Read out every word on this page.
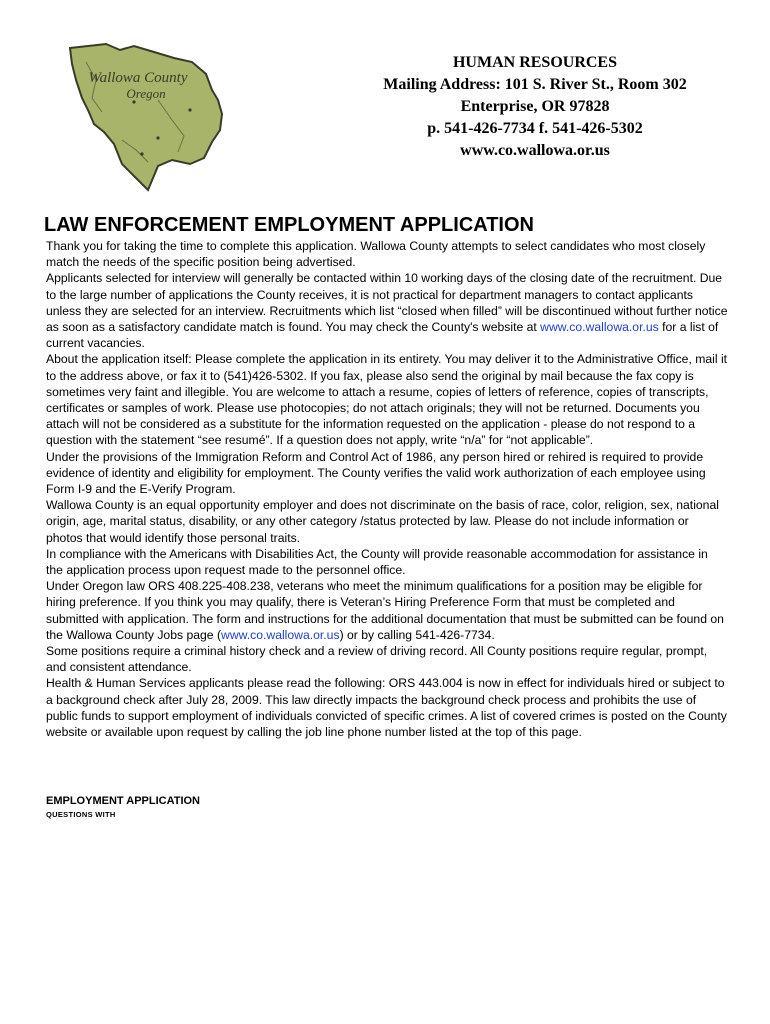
Wallowa County
Oregon
HUMAN RESOURCES
Mailing Address: 101 S. River St., Room 302
Enterprise, OR 97828
p. 541-426-7734 f. 541-426-5302
www.co.wallowa.or.us
LAW ENFORCEMENT EMPLOYMENT APPLICATION

Thank you for taking the time to complete this application. Wallowa County attempts to select candidates who most closely match the needs of the specific position being advertised.

Applicants selected for interview will generally be contacted within 10 working days of the closing date of the recruitment. Due to the large number of applications the County receives, it is not practical for department managers to contact applicants unless they are selected for an interview. Recruitments which list “closed when filled” will be discontinued without further notice as soon as a satisfactory candidate match is found. You may check the County's website at www.co.wallowa.or.us for a list of current vacancies.

About the application itself: Please complete the application in its entirety. You may deliver it to the Administrative Office, mail it to the address above, or fax it to (541)426-5302. If you fax, please also send the original by mail because the fax copy is sometimes very faint and illegible. You are welcome to attach a resume, copies of letters of reference, copies of transcripts, certificates or samples of work. Please use photocopies; do not attach originals; they will not be returned. Documents you attach will not be considered as a substitute for the information requested on the application - please do not respond to a question with the statement “see resumé”. If a question does not apply, write “n/a” for “not applicable”.

Under the provisions of the Immigration Reform and Control Act of 1986, any person hired or rehired is required to provide evidence of identity and eligibility for employment. The County verifies the valid work authorization of each employee using Form I-9 and the E-Verify Program.

Wallowa County is an equal opportunity employer and does not discriminate on the basis of race, color, religion, sex, national origin, age, marital status, disability, or any other category /status protected by law. Please do not include information or photos that would identify those personal traits.

In compliance with the Americans with Disabilities Act, the County will provide reasonable accommodation for assistance in the application process upon request made to the personnel office.

Under Oregon law ORS 408.225-408.238, veterans who meet the minimum qualifications for a position may be eligible for hiring preference. If you think you may qualify, there is Veteran’s Hiring Preference Form that must be completed and submitted with application. The form and instructions for the additional documentation that must be submitted can be found on the Wallowa County Jobs page (www.co.wallowa.or.us) or by calling 541-426-7734.

Some positions require a criminal history check and a review of driving record. All County positions require regular, prompt, and consistent attendance.

Health & Human Services applicants please read the following: ORS 443.004 is now in effect for individuals hired or subject to a background check after July 28, 2009. This law directly impacts the background check process and prohibits the use of public funds to support employment of individuals convicted of specific crimes. A list of covered crimes is posted on the County website or available upon request by calling the job line phone number listed at the top of this page.

EMPLOYMENT APPLICATION
QUESTIONS WITH
